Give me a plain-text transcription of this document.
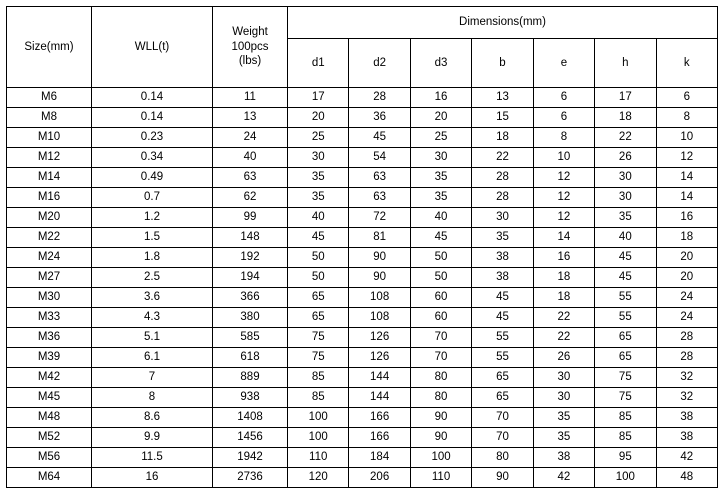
Size(mm)	WLL(t)	Weight
100pcs
(lbs)	Dimensions(mm)						
			d1	d2	d3	b	e	h	k
M6	0.14	11	17	28	16	13	6	17	6
M8	0.14	13	20	36	20	15	6	18	8
M10	0.23	24	25	45	25	18	8	22	10
M12	0.34	40	30	54	30	22	10	26	12
M14	0.49	63	35	63	35	28	12	30	14
M16	0.7	62	35	63	35	28	12	30	14
M20	1.2	99	40	72	40	30	12	35	16
M22	1.5	148	45	81	45	35	14	40	18
M24	1.8	192	50	90	50	38	16	45	20
M27	2.5	194	50	90	50	38	18	45	20
M30	3.6	366	65	108	60	45	18	55	24
M33	4.3	380	65	108	60	45	22	55	24
M36	5.1	585	75	126	70	55	22	65	28
M39	6.1	618	75	126	70	55	26	65	28
M42	7	889	85	144	80	65	30	75	32
M45	8	938	85	144	80	65	30	75	32
M48	8.6	1408	100	166	90	70	35	85	38
M52	9.9	1456	100	166	90	70	35	85	38
M56	11.5	1942	110	184	100	80	38	95	42
M64	16	2736	120	206	110	90	42	100	48
